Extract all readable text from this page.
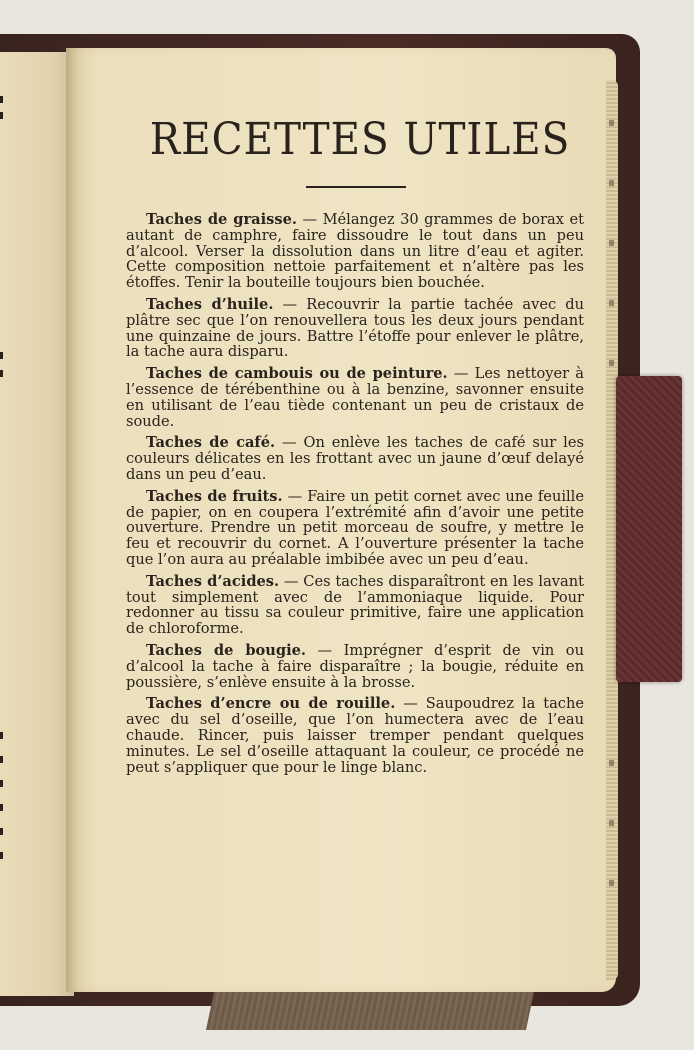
RECETTES UTILES

Taches de graisse. — Mélangez 30 grammes de borax et autant de camphre, faire dissoudre le tout dans un peu d’alcool. Verser la dissolution dans un litre d’eau et agiter. Cette composition nettoie parfaitement et n’altère pas les étoffes. Tenir la bouteille toujours bien bouchée.

Taches d’huile. — Recouvrir la partie tachée avec du plâtre sec que l’on renouvellera tous les deux jours pendant une quinzaine de jours. Battre l’étoffe pour enlever le plâtre, la tache aura disparu.

Taches de cambouis ou de peinture. — Les nettoyer à l’essence de térébenthine ou à la benzine, savonner ensuite en utilisant de l’eau tiède contenant un peu de cristaux de soude.

Taches de café. — On enlève les taches de café sur les couleurs délicates en les frottant avec un jaune d’œuf delayé dans un peu d’eau.

Taches de fruits. — Faire un petit cornet avec une feuille de papier, on en coupera l’extrémité afin d’avoir une petite ouverture. Prendre un petit morceau de soufre, y mettre le feu et recouvrir du cornet. A l’ouverture présenter la tache que l’on aura au préalable imbibée avec un peu d’eau.

Taches d’acides. — Ces taches disparaîtront en les lavant tout simplement avec de l’ammoniaque liquide. Pour redonner au tissu sa couleur primitive, faire une application de chloroforme.

Taches de bougie. — Imprégner d’esprit de vin ou d’alcool la tache à faire disparaître ; la bougie, réduite en poussière, s’enlève ensuite à la brosse.

Taches d’encre ou de rouille. — Saupoudrez la tache avec du sel d’oseille, que l’on humectera avec de l’eau chaude. Rincer, puis laisser tremper pendant quelques minutes. Le sel d’oseille attaquant la couleur, ce procédé ne peut s’appliquer que pour le linge blanc.
